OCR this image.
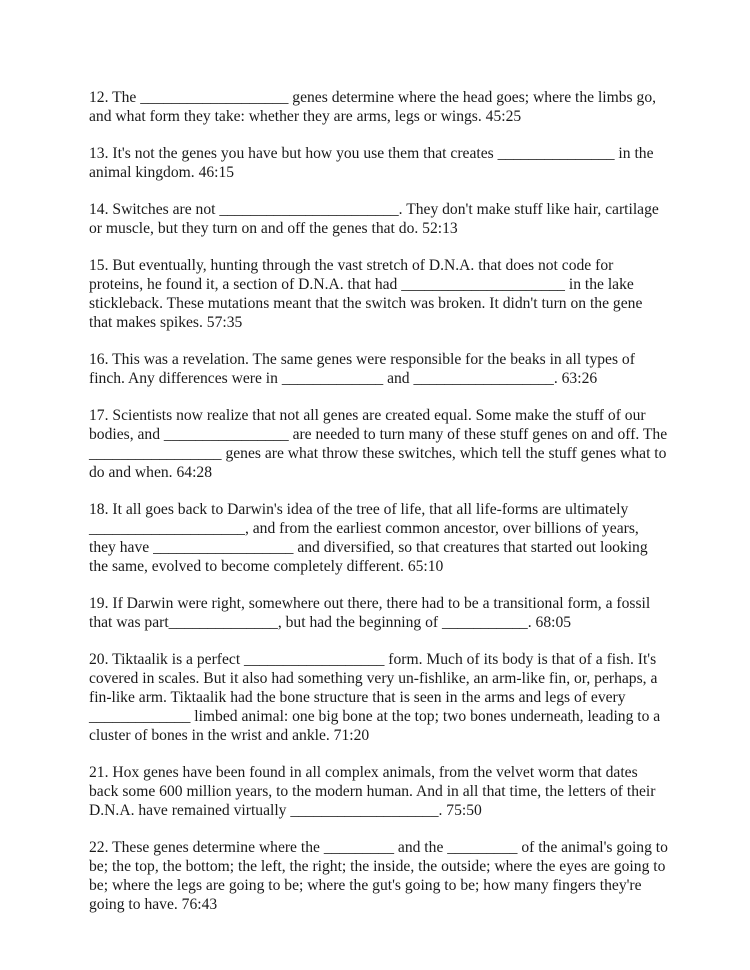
12. The ___________________ genes determine where the head goes; where the limbs go, and what form they take: whether they are arms, legs or wings. 45:25
13. It's not the genes you have but how you use them that creates _______________ in the animal kingdom. 46:15
14. Switches are not _______________________. They don't make stuff like hair, cartilage or muscle, but they turn on and off the genes that do. 52:13
15. But eventually, hunting through the vast stretch of D.N.A. that does not code for proteins, he found it, a section of D.N.A. that had _____________________ in the lake stickleback. These mutations meant that the switch was broken. It didn't turn on the gene that makes spikes. 57:35
16. This was a revelation. The same genes were responsible for the beaks in all types of finch. Any differences were in _____________ and __________________. 63:26
17. Scientists now realize that not all genes are created equal. Some make the stuff of our bodies, and ________________ are needed to turn many of these stuff genes on and off. The _________________ genes are what throw these switches, which tell the stuff genes what to do and when. 64:28
18. It all goes back to Darwin's idea of the tree of life, that all life-forms are ultimately ____________________, and from the earliest common ancestor, over billions of years, they have __________________ and diversified, so that creatures that started out looking the same, evolved to become completely different. 65:10
19. If Darwin were right, somewhere out there, there had to be a transitional form, a fossil that was part______________, but had the beginning of ___________. 68:05
20. Tiktaalik is a perfect __________________ form. Much of its body is that of a fish. It's covered in scales. But it also had something very un-fishlike, an arm-like fin, or, perhaps, a fin-like arm. Tiktaalik had the bone structure that is seen in the arms and legs of every _____________ limbed animal: one big bone at the top; two bones underneath, leading to a cluster of bones in the wrist and ankle. 71:20
21. Hox genes have been found in all complex animals, from the velvet worm that dates back some 600 million years, to the modern human. And in all that time, the letters of their D.N.A. have remained virtually ___________________. 75:50
22. These genes determine where the _________ and the _________ of the animal's going to be; the top, the bottom; the left, the right; the inside, the outside; where the eyes are going to be; where the legs are going to be; where the gut's going to be; how many fingers they're going to have. 76:43
